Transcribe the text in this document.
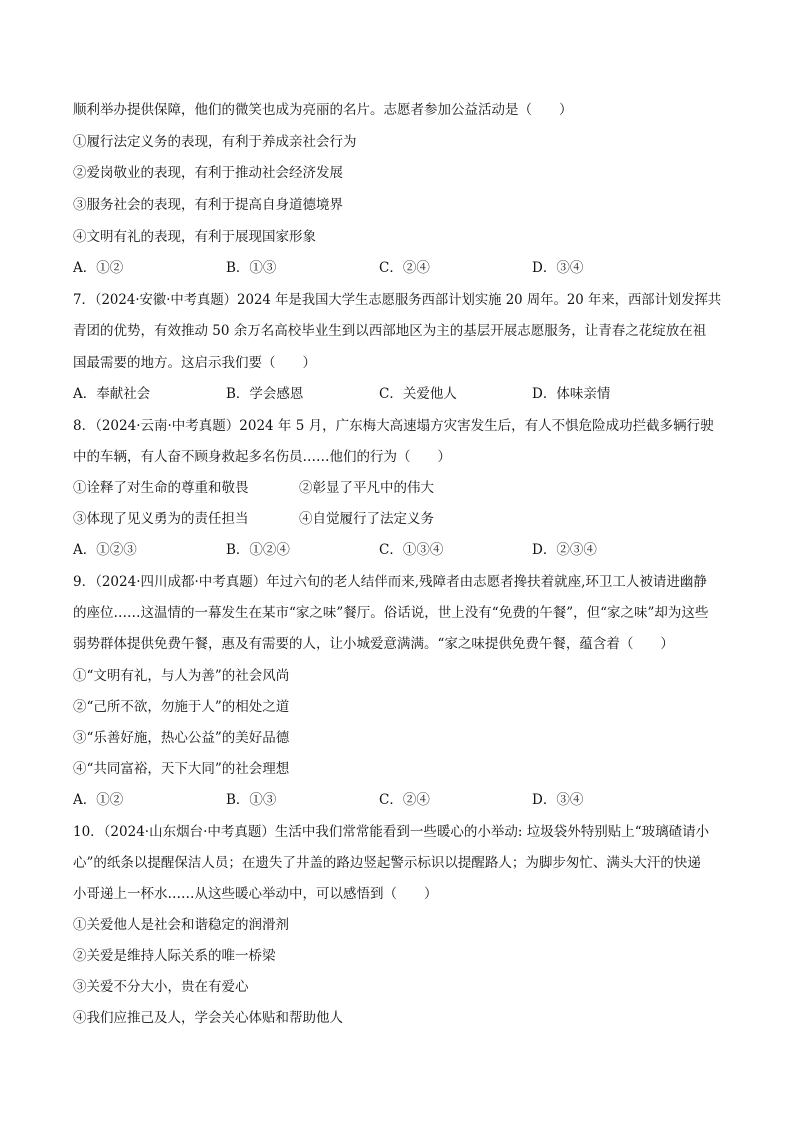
顺利举办提供保障，他们的微笑也成为亮丽的名片。志愿者参加公益活动是（　　）
①履行法定义务的表现，有利于养成亲社会行为
②爱岗敬业的表现，有利于推动社会经济发展
③服务社会的表现，有利于提高自身道德境界
④文明有礼的表现，有利于展现国家形象
A．①②	B．①③	C．②④	D．③④
7．（2024·安徽·中考真题）2024 年是我国大学生志愿服务西部计划实施 20 周年。20 年来，西部计划发挥共
青团的优势，有效推动 50 余万名高校毕业生到以西部地区为主的基层开展志愿服务，让青春之花绽放在祖
国最需要的地方。这启示我们要（　　）
A．奉献社会	B．学会感恩	C．关爱他人	D．体味亲情
8．（2024·云南·中考真题）2024 年 5 月，广东梅大高速塌方灾害发生后，有人不惧危险成功拦截多辆行驶
中的车辆，有人奋不顾身救起多名伤员……他们的行为（　　）
①诠释了对生命的尊重和敬畏	②彰显了平凡中的伟大
③体现了见义勇为的责任担当	④自觉履行了法定义务
A．①②③	B．①②④	C．①③④	D．②③④
9．（2024·四川成都·中考真题）年过六旬的老人结伴而来,残障者由志愿者搀扶着就座,环卫工人被请进幽静
的座位……这温情的一幕发生在某市“家之味”餐厅。俗话说，世上没有“免费的午餐”，但“家之味”却为这些
弱势群体提供免费午餐，惠及有需要的人，让小城爱意满满。“家之味提供免费午餐，蕴含着（　　）
①“文明有礼，与人为善”的社会风尚
②“己所不欲，勿施于人”的相处之道
③“乐善好施，热心公益”的美好品德
④“共同富裕，天下大同”的社会理想
A．①②	B．①③	C．②④	D．③④
10．（2024·山东烟台·中考真题）生活中我们常常能看到一些暖心的小举动: 垃圾袋外特别贴上“玻璃碴请小
心”的纸条以提醒保洁人员；在遗失了井盖的路边竖起警示标识以提醒路人；为脚步匆忙、满头大汗的快递
小哥递上一杯水……从这些暖心举动中，可以感悟到（　　）
①关爱他人是社会和谐稳定的润滑剂
②关爱是维持人际关系的唯一桥梁
③关爱不分大小，贵在有爱心
④我们应推己及人，学会关心体贴和帮助他人
